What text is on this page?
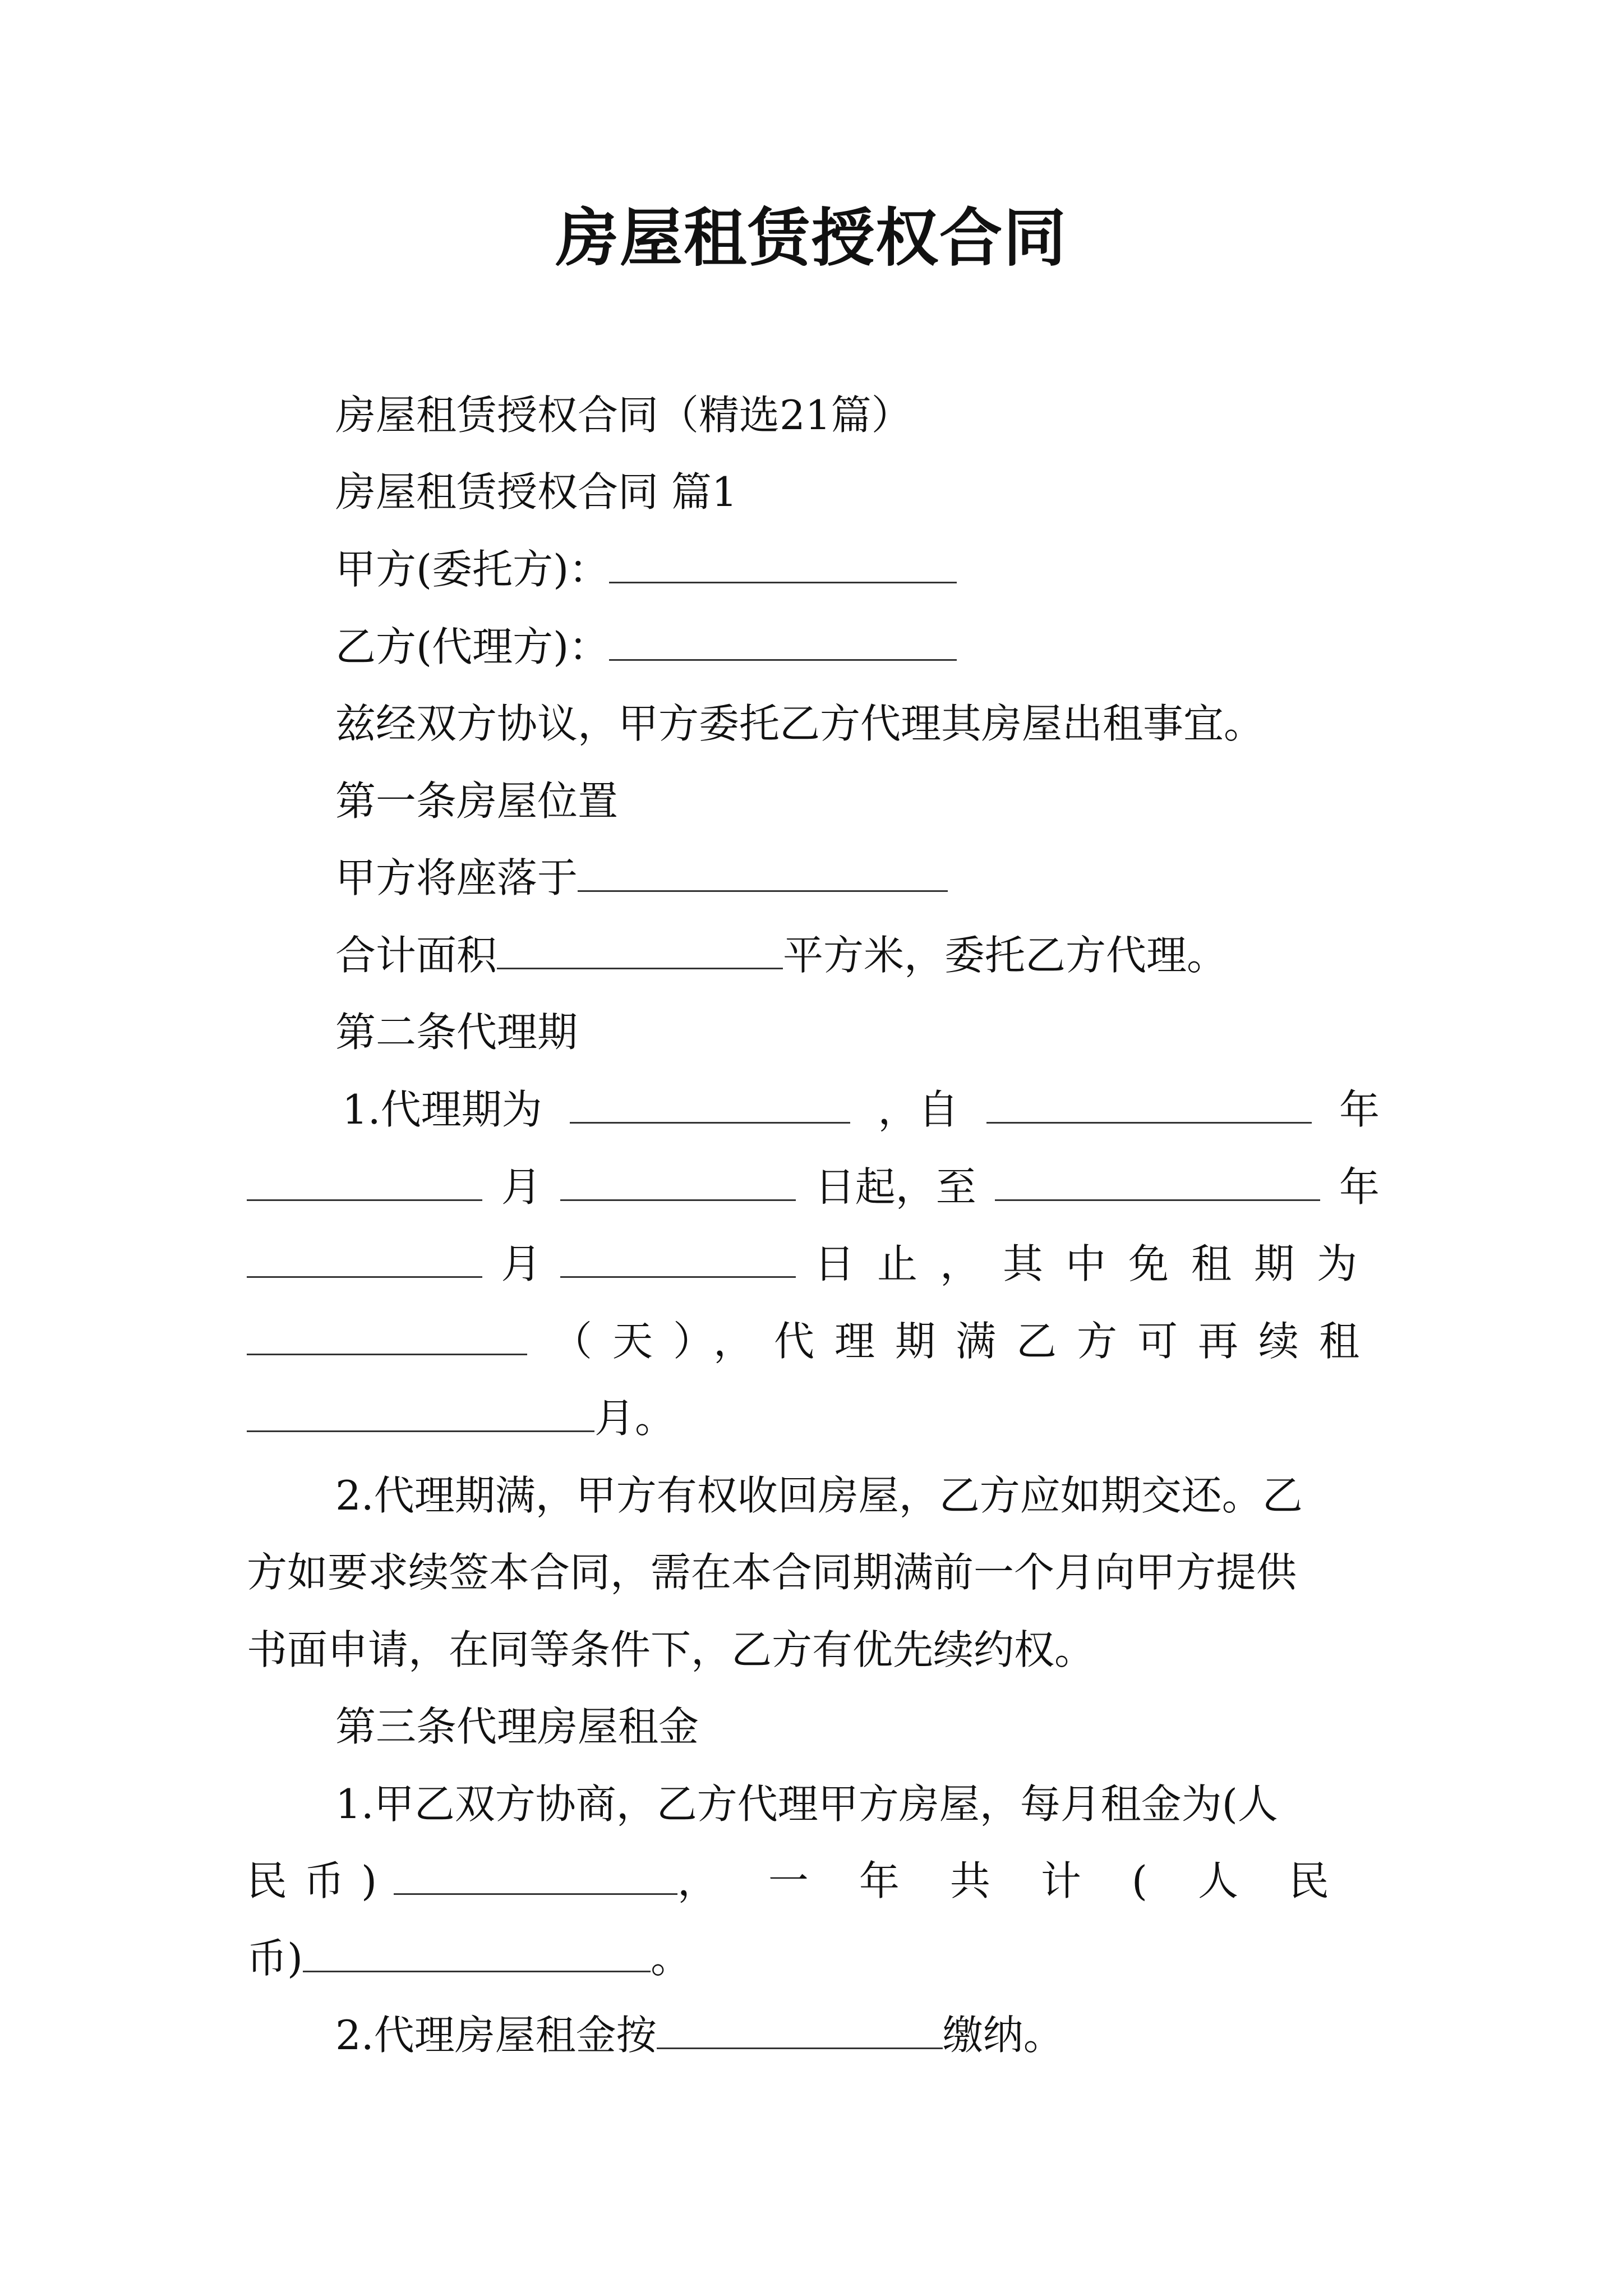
房屋租赁授权合同
房屋租赁授权合同（精选21篇）
房屋租赁授权合同 篇1
甲方(委托方)：
乙方(代理方)：
兹经双方协议，甲方委托乙方代理其房屋出租事宜。
第一条房屋位置
甲方将座落于
合计面积	平方米，委托乙方代理。
第二条代理期
1.代理期为	，自	年
月	日起，至	年
月	日止，其中免租期为
（天），代理期满乙方可再续租
月。
2.代理期满，甲方有权收回房屋，乙方应如期交还。乙
方如要求续签本合同，需在本合同期满前一个月向甲方提供
书面申请，在同等条件下，乙方有优先续约权。
第三条代理房屋租金
1.甲乙双方协商，乙方代理甲方房屋，每月租金为(人
民币)	，一年共计(人民
币)	。
2.代理房屋租金按	缴纳。
